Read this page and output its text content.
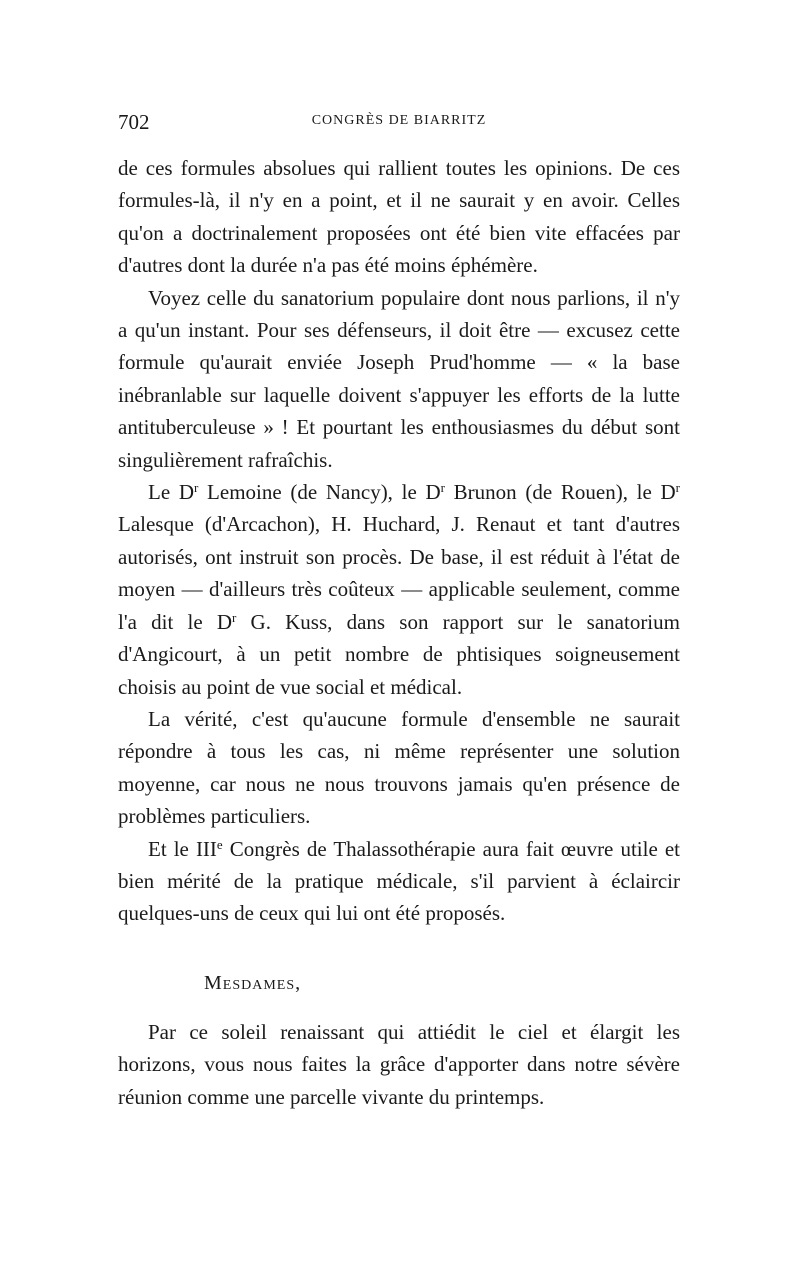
702	CONGRÈS DE BIARRITZ

de ces formules absolues qui rallient toutes les opinions. De ces formules-là, il n'y en a point, et il ne saurait y en avoir. Celles qu'on a doctrinalement proposées ont été bien vite effacées par d'autres dont la durée n'a pas été moins éphémère.

Voyez celle du sanatorium populaire dont nous parlions, il n'y a qu'un instant. Pour ses défenseurs, il doit être — excusez cette formule qu'aurait enviée Joseph Prud'homme — « la base inébranlable sur laquelle doivent s'appuyer les efforts de la lutte antituberculeuse » ! Et pourtant les enthousiasmes du début sont singulièrement rafraîchis.

Le $D^r$ Lemoine (de Nancy), le $D^r$ Brunon (de Rouen), le $D^r$ Lalesque (d'Arcachon), H. Huchard, J. Renaut et tant d'autres autorisés, ont instruit son procès. De base, il est réduit à l'état de moyen — d'ailleurs très coûteux — applicable seulement, comme l'a dit le $D^r$ G. Kuss, dans son rapport sur le sanatorium d'Angicourt, à un petit nombre de phtisiques soigneusement choisis au point de vue social et médical.

La vérité, c'est qu'aucune formule d'ensemble ne saurait répondre à tous les cas, ni même représenter une solution moyenne, car nous ne nous trouvons jamais qu'en présence de problèmes particuliers.

Et le IIIe Congrès de Thalassothérapie aura fait œuvre utile et bien mérité de la pratique médicale, s'il parvient à éclaircir quelques-uns de ceux qui lui ont été proposés.

Mesdames,

Par ce soleil renaissant qui attiédit le ciel et élargit les horizons, vous nous faites la grâce d'apporter dans notre sévère réunion comme une parcelle vivante du printemps.
